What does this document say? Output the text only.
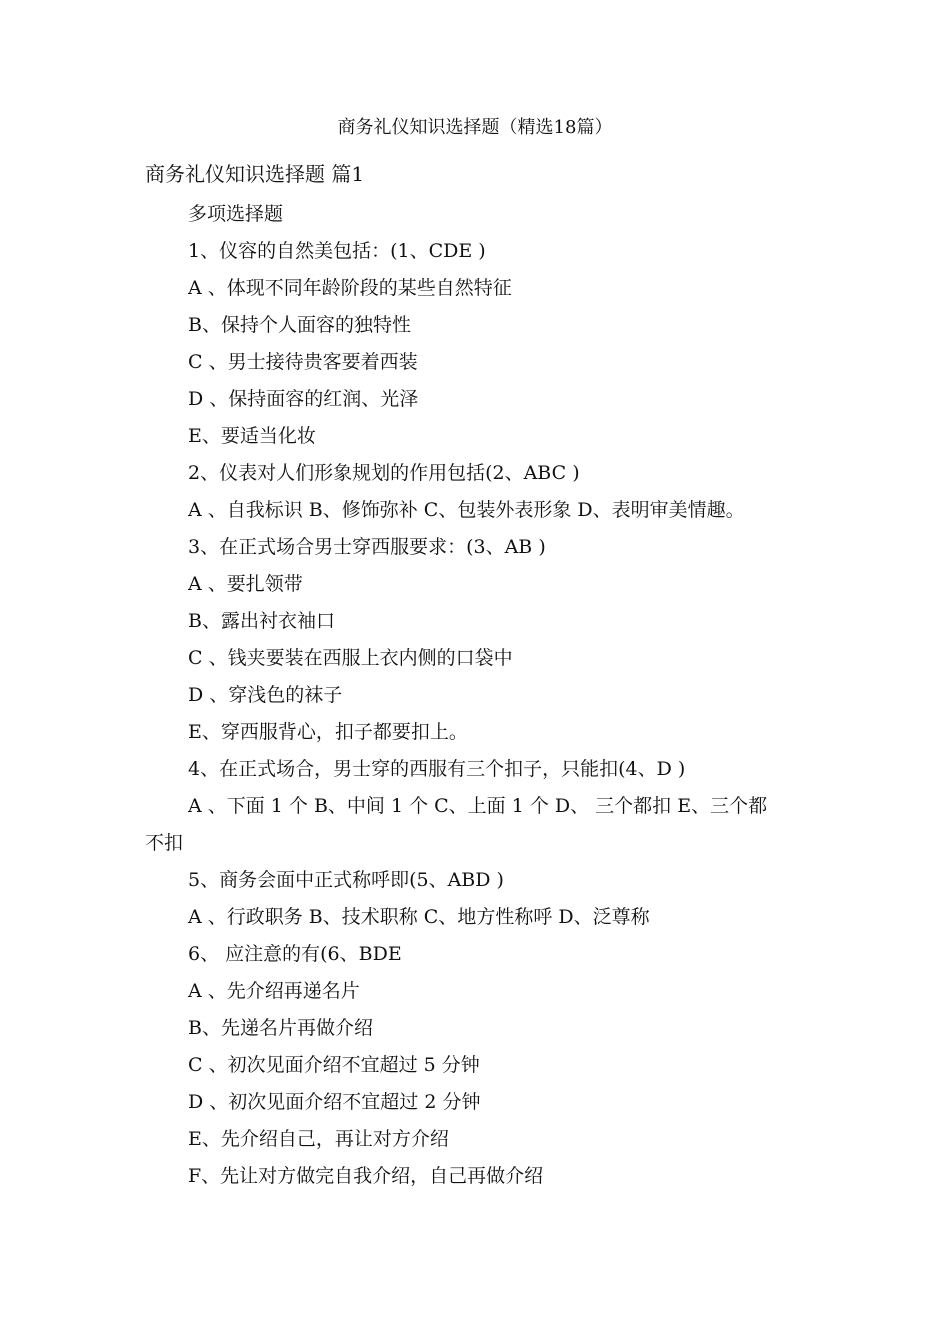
商务礼仪知识选择题（精选18篇）
商务礼仪知识选择题 篇1
多项选择题
1、仪容的自然美包括：(1、CDE )
A 、体现不同年龄阶段的某些自然特征
B、保持个人面容的独特性
C 、男士接待贵客要着西装
D 、保持面容的红润、光泽
E、要适当化妆
2、仪表对人们形象规划的作用包括(2、ABC )
A 、自我标识 B、修饰弥补 C、包装外表形象 D、表明审美情趣。
3、在正式场合男士穿西服要求：(3、AB )
A 、要扎领带
B、露出衬衣袖口
C 、钱夹要装在西服上衣内侧的口袋中
D 、穿浅色的袜子
E、穿西服背心，扣子都要扣上。
4、在正式场合，男士穿的西服有三个扣子，只能扣(4、D )
A 、下面 1 个 B、中间 1 个 C、上面 1 个 D、 三个都扣 E、三个都
不扣
5、商务会面中正式称呼即(5、ABD )
A 、行政职务 B、技术职称 C、地方性称呼 D、泛尊称
6、 应注意的有(6、BDE
A 、先介绍再递名片
B、先递名片再做介绍
C 、初次见面介绍不宜超过 5 分钟
D 、初次见面介绍不宜超过 2 分钟
E、先介绍自己，再让对方介绍
F、先让对方做完自我介绍，自己再做介绍
